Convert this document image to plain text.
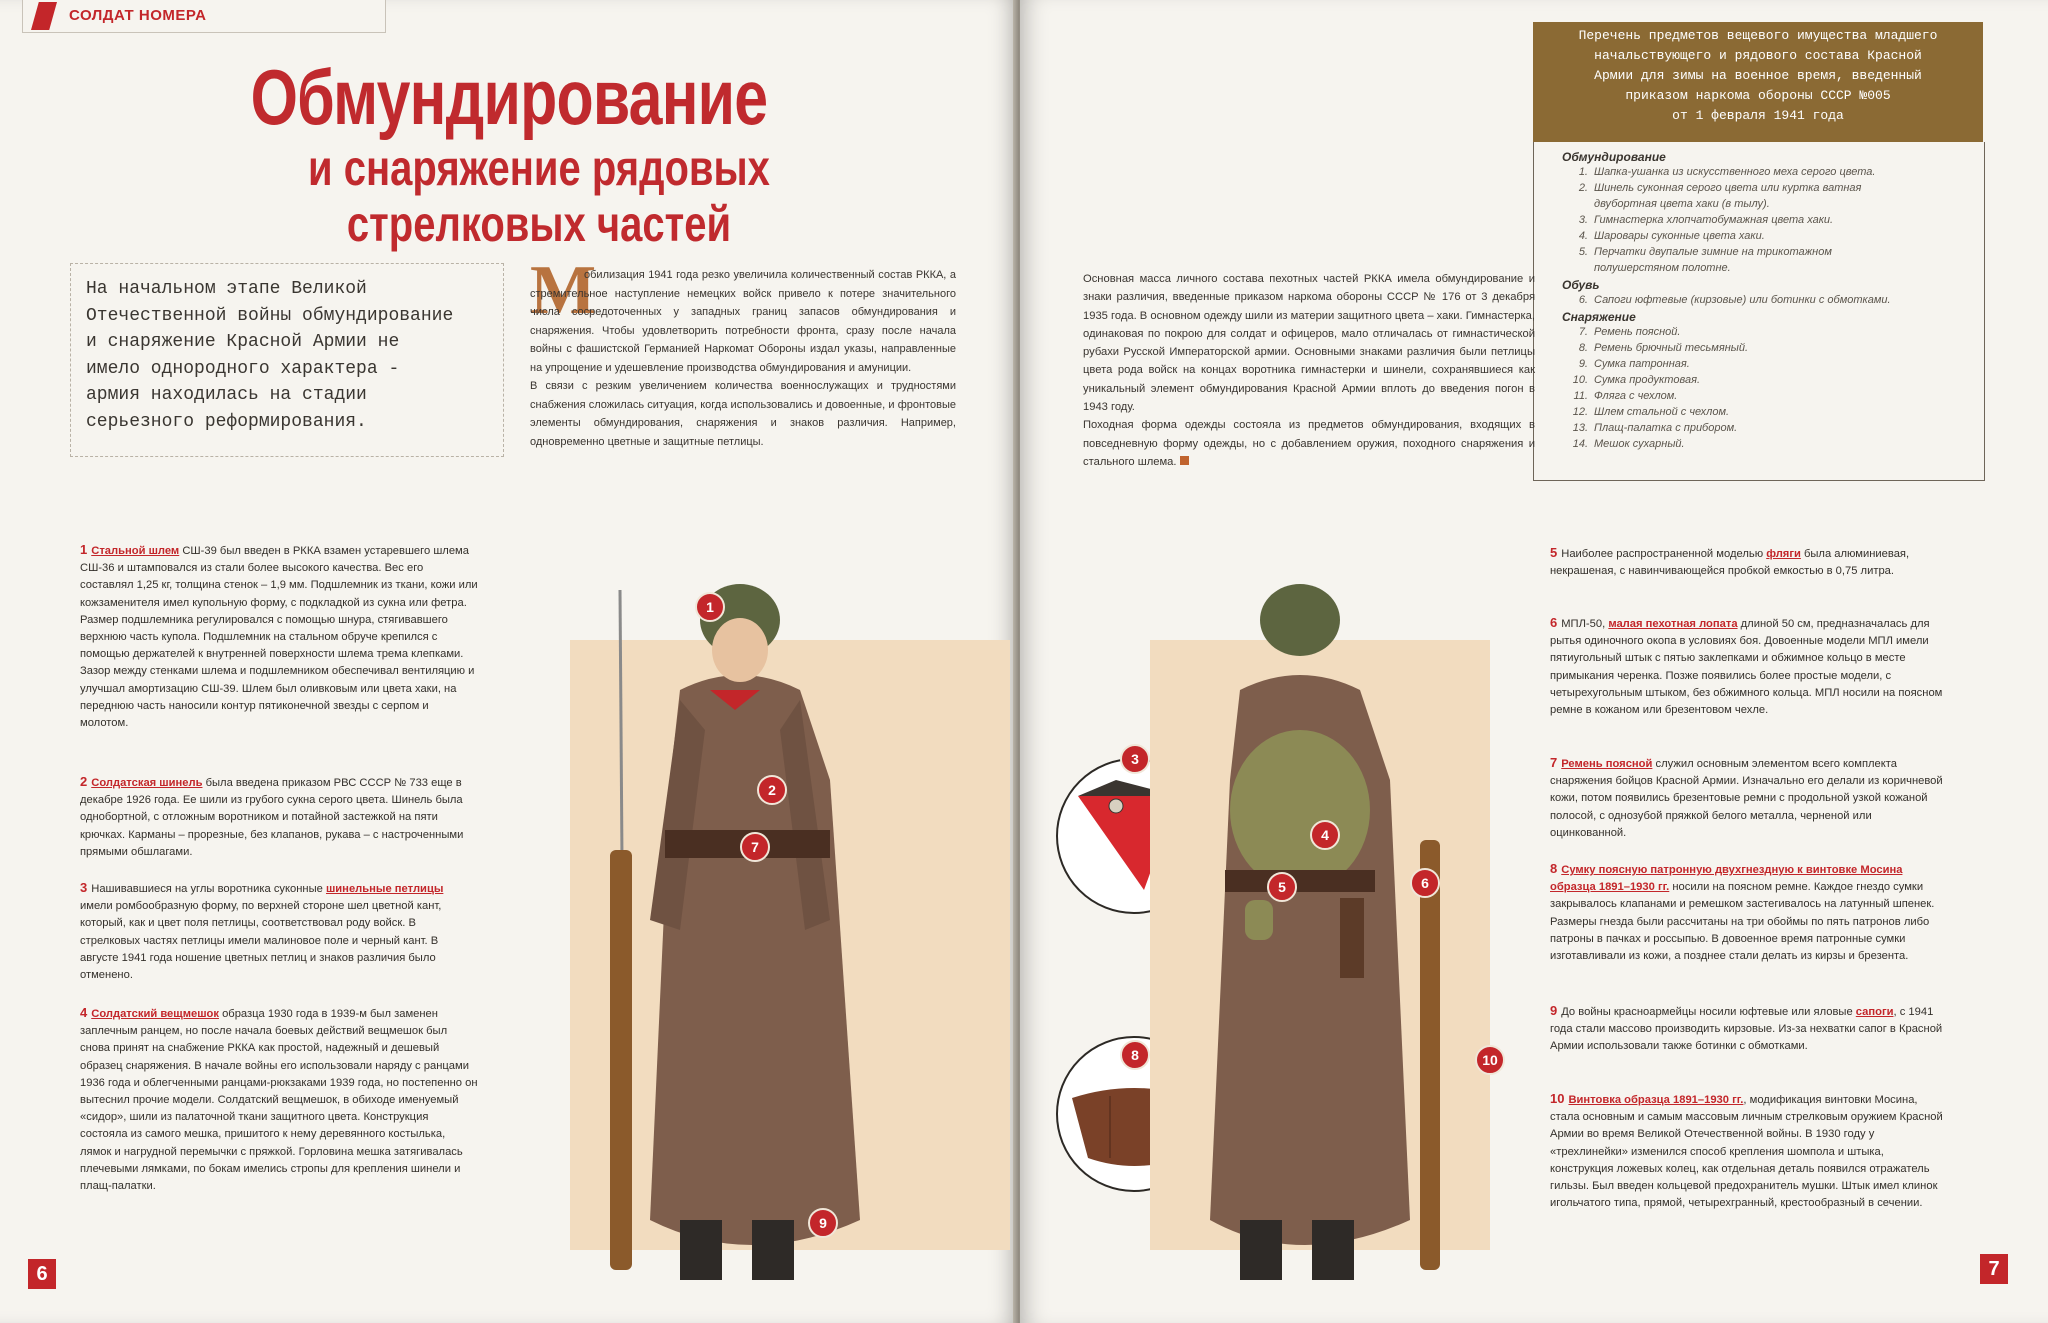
СОЛДАТ НОМЕРА
Обмундирование
и снаряжение рядовых
стрелковых частей
На начальном этапе Великой
Отечественной войны обмундирование
и снаряжение Красной Армии не
имело однородного характера -
армия находилась на стадии
серьезного реформирования.
М

обилизация 1941 года резко увеличила количественный состав РККА, а стремительное наступление немецких войск привело к потере значительного числа сосредоточенных у западных границ запасов обмундирования и снаряжения. Чтобы удовлетворить потребности фронта, сразу после начала войны с фашистской Германией Наркомат Обороны издал указы, направленные на упрощение и удешевление производства обмундирования и амуниции.

В связи с резким увеличением количества военнослужащих и трудностями снабжения сложилась ситуация, когда использовались и довоенные, и фронтовые элементы обмундирования, снаряжения и знаков различия. Например, одновременно цветные и защитные петлицы.

1 Стальной шлем СШ-39 был введен в РККА взамен устаревшего шлема СШ-36 и штамповался из стали более высокого качества. Вес его составлял 1,25 кг, толщина стенок – 1,9 мм. Подшлемник из ткани, кожи или кожзаменителя имел купольную форму, с подкладкой из сукна или фетра. Размер подшлемника регулировался с помощью шнура, стягивавшего верхнюю часть купола. Подшлемник на стальном обруче крепился с помощью держателей к внутренней поверхности шлема трема клепками. Зазор между стенками шлема и подшлемником обеспечивал вентиляцию и улучшал амортизацию СШ-39. Шлем был оливковым или цвета хаки, на переднюю часть наносили контур пятиконечной звезды с серпом и молотом.
2 Солдатская шинель была введена приказом РВС СССР № 733 еще в декабре 1926 года. Ее шили из грубого сукна серого цвета. Шинель была однобортной, с отложным воротником и потайной застежкой на пяти крючках. Карманы – прорезные, без клапанов, рукава – с настроченными прямыми обшлагами.
3 Нашивавшиеся на углы воротника суконные шинельные петлицы имели ромбообразную форму, по верхней стороне шел цветной кант, который, как и цвет поля петлицы, соответствовал роду войск. В стрелковых частях петлицы имели малиновое поле и черный кант. В августе 1941 года ношение цветных петлиц и знаков различия было отменено.
4 Солдатский вещмешок образца 1930 года в 1939-м был заменен заплечным ранцем, но после начала боевых действий вещмешок был снова принят на снабжение РККА как простой, надежный и дешевый образец снаряжения. В начале войны его использовали наряду с ранцами 1936 года и облегченными ранцами-рюкзаками 1939 года, но постепенно он вытеснил прочие модели. Солдатский вещмешок, в обиходе именуемый «сидор», шили из палаточной ткани защитного цвета. Конструкция состояла из самого мешка, пришитого к нему деревянного костылька, лямок и нагрудной перемычки с пряжкой. Горловина мешка затягивалась плечевыми лямками, по бокам имелись стропы для крепления шинели и плащ-палатки.
1
2
7
9
6
Перечень предметов вещевого имущества младшего
начальствующего и рядового состава Красной
Армии для зимы на военное время, введенный
приказом наркома обороны СССР №005
от 1 февраля 1941 года
Обмундирование
1. Шапка-ушанка из искусственного меха серого цвета.
2. Шинель суконная серого цвета или куртка ватная
двубортная цвета хаки (в тылу).
3. Гимнастерка хлопчатобумажная цвета хаки.
4. Шаровары суконные цвета хаки.
5. Перчатки двупалые зимние на трикотажном
полушерстяном полотне.
Обувь
6. Сапоги юфтевые (кирзовые) или ботинки с обмотками.
Снаряжение
7. Ремень поясной.
8. Ремень брючный тесьмяный.
9. Сумка патронная.
10. Сумка продуктовая.
11. Фляга с чехлом.
12. Шлем стальной с чехлом.
13. Плащ-палатка с прибором.
14. Мешок сухарный.
Основная масса личного состава пехотных частей РККА имела обмундирование и знаки различия, введенные приказом наркома обороны СССР № 176 от 3 декабря 1935 года. В основном одежду шили из материи защитного цвета – хаки. Гимнастерка, одинаковая по покрою для солдат и офицеров, мало отличалась от гимнастической рубахи Русской Императорской армии. Основными знаками различия были петлицы цвета рода войск на концах воротника гимнастерки и шинели, сохранявшиеся как уникальный элемент обмундирования Красной Армии вплоть до введения погон в 1943 году.
Походная форма одежды состояла из предметов обмундирования, входящих в повседневную форму одежды, но с добавлением оружия, походного снаряжения и стального шлема.
3
8
4
5	6
10
5 Наиболее распространенной моделью фляги была алюминиевая, некрашеная, с навинчивающейся пробкой емкостью в 0,75 литра.
6 МПЛ-50, малая пехотная лопата длиной 50 см, предназначалась для рытья одиночного окопа в условиях боя. Довоенные модели МПЛ имели пятиугольный штык с пятью заклепками и обжимное кольцо в месте примыкания черенка. Позже появились более простые модели, с четырехугольным штыком, без обжимного кольца. МПЛ носили на поясном ремне в кожаном или брезентовом чехле.
7 Ремень поясной служил основным элементом всего комплекта снаряжения бойцов Красной Армии. Изначально его делали из коричневой кожи, потом появились брезентовые ремни с продольной узкой кожаной полосой, с однозубой пряжкой белого металла, черненой или оцинкованной.
8 Сумку поясную патронную двухгнездную к винтовке Мосина образца 1891–1930 гг. носили на поясном ремне. Каждое гнездо сумки закрывалось клапанами и ремешком застегивалось на латунный шпенек. Размеры гнезда были рассчитаны на три обоймы по пять патронов либо патроны в пачках и россыпью. В довоенное время патронные сумки изготавливали из кожи, а позднее стали делать из кирзы и брезента.
9 До войны красноармейцы носили юфтевые или яловые сапоги, с 1941 года стали массово производить кирзовые. Из-за нехватки сапог в Красной Армии использовали также ботинки с обмотками.
10 Винтовка образца 1891–1930 гг., модификация винтовки Мосина, стала основным и самым массовым личным стрелковым оружием Красной Армии во время Великой Отечественной войны. В 1930 году у «трехлинейки» изменился способ крепления шомпола и штыка, конструкция ложевых колец, как отдельная деталь появился отражатель гильзы. Был введен кольцевой предохранитель мушки. Штык имел клинок игольчатого типа, прямой, четырехгранный, крестообразный в сечении.
7
